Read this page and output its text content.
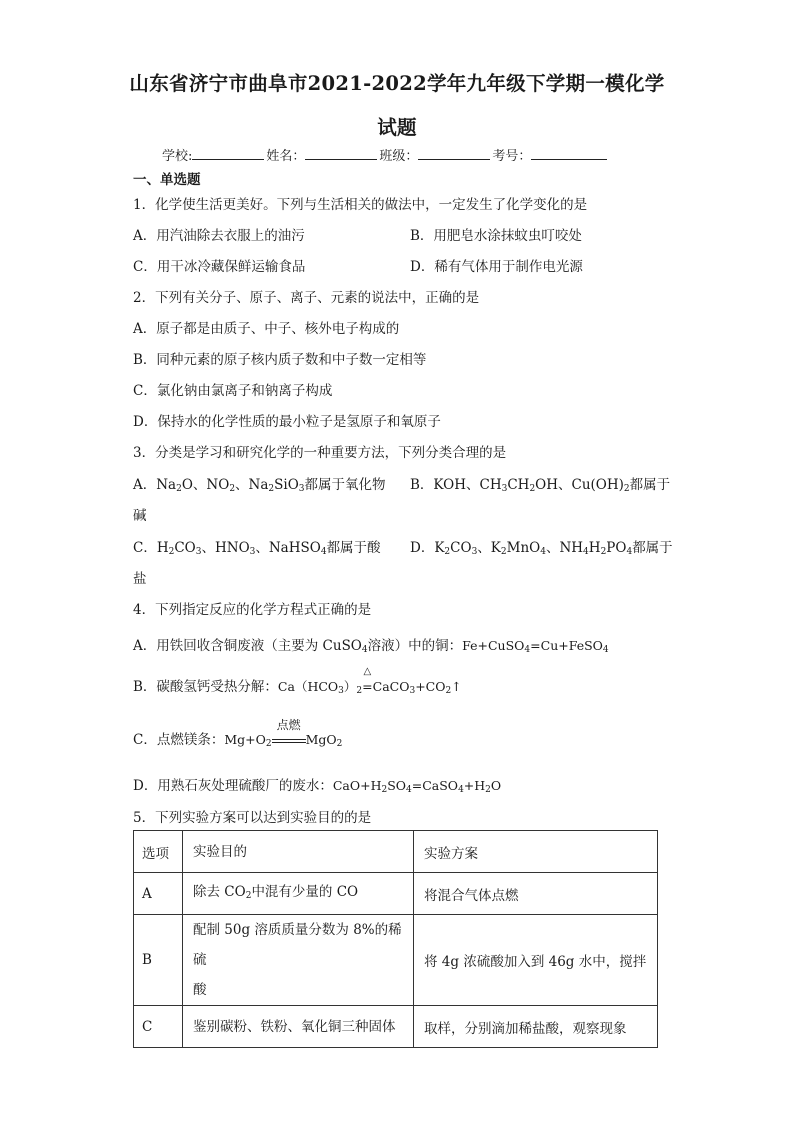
山东省济宁市曲阜市2021-2022学年九年级下学期一模化学
试题
学校:	姓名：	班级：	考号：
一、单选题
1．化学使生活更美好。下列与生活相关的做法中，一定发生了化学变化的是
A．用汽油除去衣服上的油污	B．用肥皂水涂抹蚊虫叮咬处
C．用干冰冷藏保鲜运输食品	D．稀有气体用于制作电光源
2．下列有关分子、原子、离子、元素的说法中，正确的是
A．原子都是由质子、中子、核外电子构成的
B．同种元素的原子核内质子数和中子数一定相等
C．氯化钠由氯离子和钠离子构成
D．保持水的化学性质的最小粒子是氢原子和氧原子
3．分类是学习和研究化学的一种重要方法，下列分类合理的是
A．$Na_2O$、$NO_2$、$Na_2SiO_3$都属于氧化物 B．KOH、$CH_3CH_2OH$、$Cu(OH)_2$都属于
碱
C．$H_2CO_3$、$HNO_3$、NaHSO$_4$都属于酸 D．$K_2CO_3$、$K_2MnO_4$、$NH_4H_2PO_4$都属于
盐
4．下列指定反应的化学方程式正确的是
A．用铁回收含铜废液（主要为 CuSO$_4$溶液）中的铜：Fe+CuSO$_4$=Cu+FeSO$_4$
B．碳酸氢钙受热分解：$Ca(HCO_3)_2$
△
$=CaCO_3+CO_2↑$
C．点燃镁条：$Mg+O_2$
点燃
MgO$_2$
D．用熟石灰处理硫酸厂的废水：$CaO+H_2SO_4=CaSO_4+H_2O$
5．下列实验方案可以达到实验目的的是
选项	实验目的	实验方案
A	除去 $CO_2$中混有少量的 CO	将混合气体点燃
B	配制 50g 溶质质量分数为 8%的稀硫
酸	将 4g 浓硫酸加入到 46g 水中，搅拌
C	鉴别碳粉、铁粉、氧化铜三种固体	取样，分别滴加稀盐酸，观察现象
